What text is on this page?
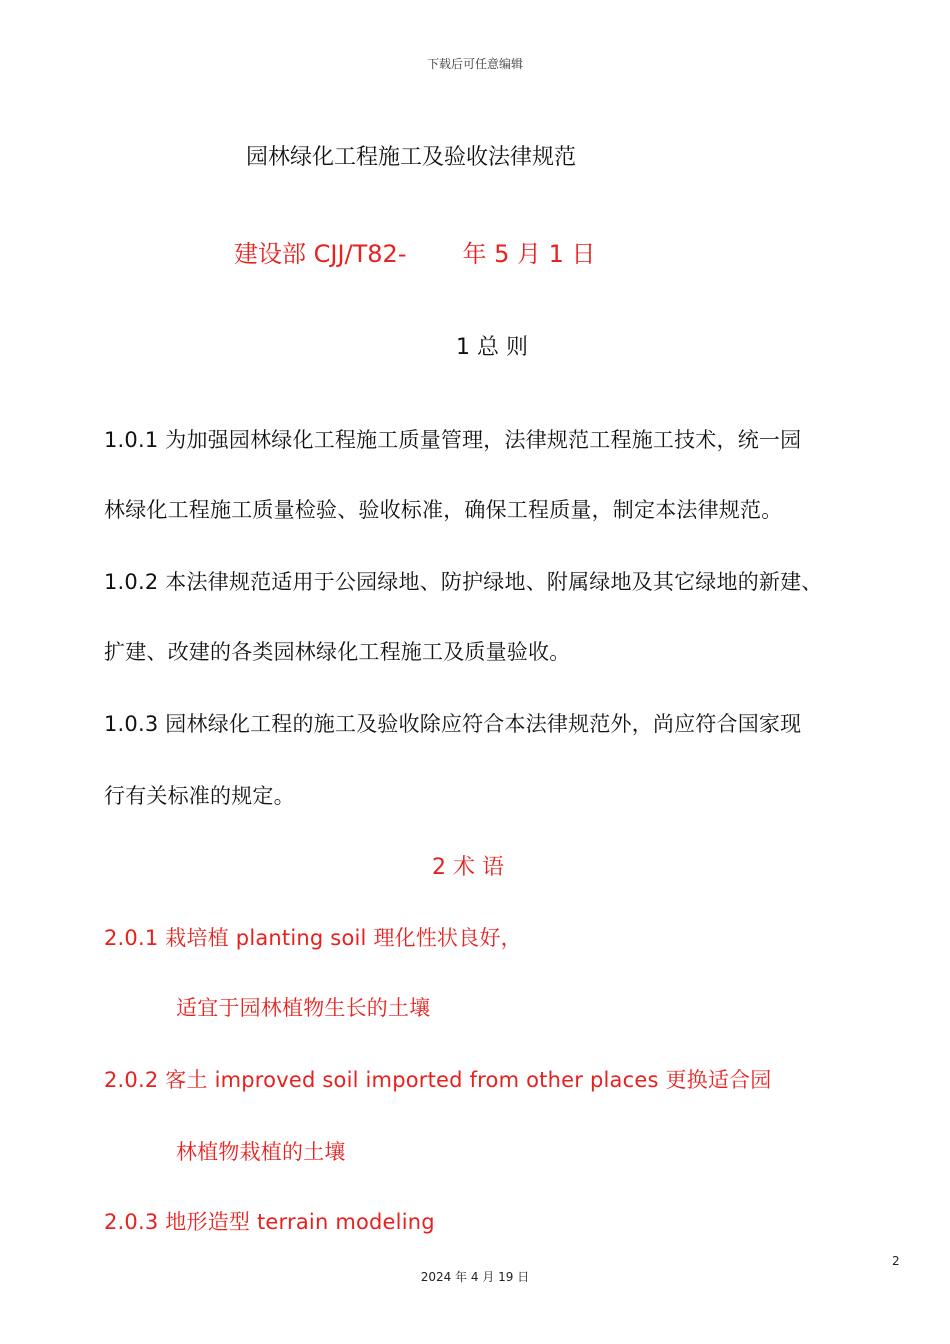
下载后可任意编辑
园林绿化工程施工及验收法律规范
建设部 CJJ/T82- 年 5 月 1 日
1 总 则
1.0.1 为加强园林绿化工程施工质量管理，法律规范工程施工技术，统一园
林绿化工程施工质量检验、验收标准，确保工程质量，制定本法律规范。
1.0.2 本法律规范适用于公园绿地、防护绿地、附属绿地及其它绿地的新建、
扩建、改建的各类园林绿化工程施工及质量验收。
1.0.3 园林绿化工程的施工及验收除应符合本法律规范外，尚应符合国家现
行有关标准的规定。
2 术 语
2.0.1 栽培植 planting soil 理化性状良好，
适宜于园林植物生长的土壤
2.0.2 客土 improved soil imported from other places 更换适合园
林植物栽植的土壤
2.0.3 地形造型 terrain modeling
2
2024 年 4 月 19 日
